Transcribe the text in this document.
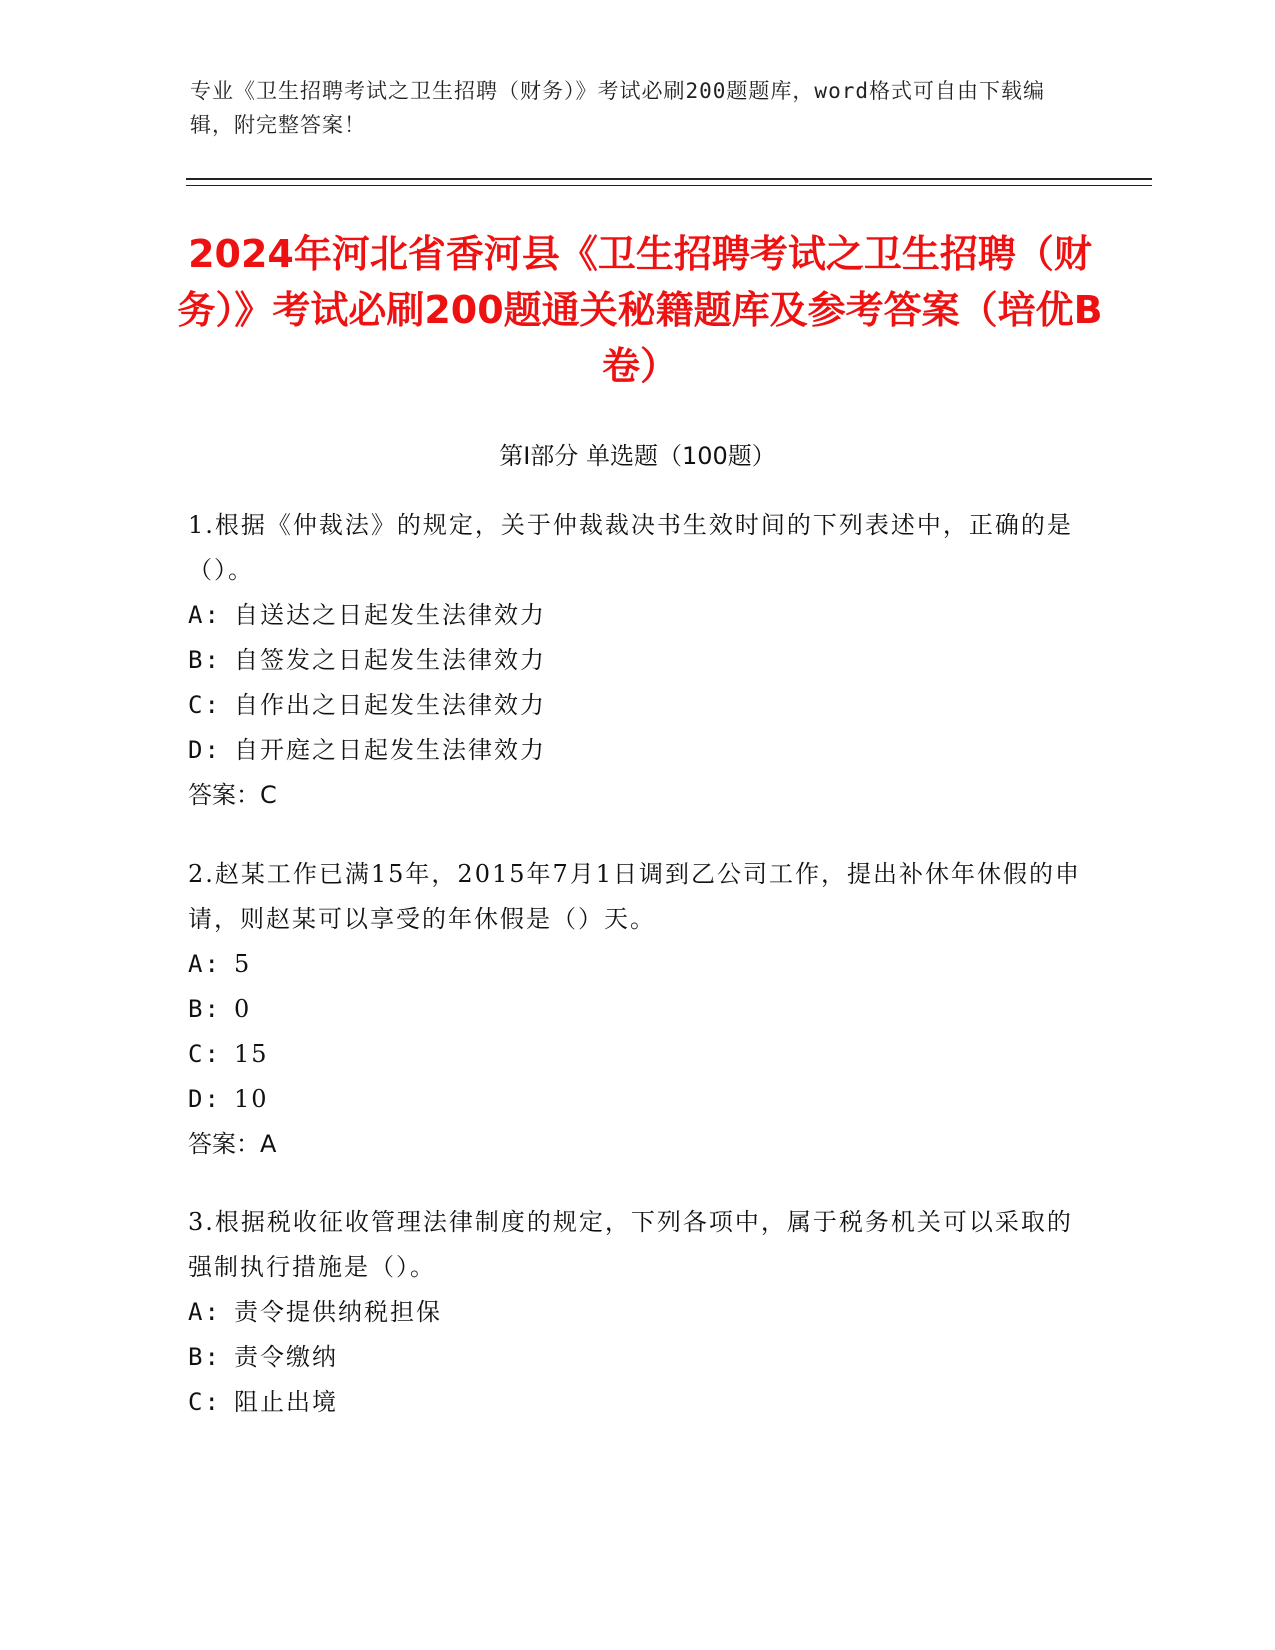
专业《卫生招聘考试之卫生招聘（财务）》考试必刷200题题库，word格式可自由下载编辑，附完整答案！
2024年河北省香河县《卫生招聘考试之卫生招聘（财务）》考试必刷200题通关秘籍题库及参考答案（培优B卷）
第Ⅰ部分 单选题（100题）

1.根据《仲裁法》的规定，关于仲裁裁决书生效时间的下列表述中，正确的是（）。

A: 自送达之日起发生法律效力

B: 自签发之日起发生法律效力

C: 自作出之日起发生法律效力

D: 自开庭之日起发生法律效力

答案：C

2.赵某工作已满15年，2015年7月1日调到乙公司工作，提出补休年休假的申请，则赵某可以享受的年休假是（）天。

A: 5

B: 0

C: 15

D: 10

答案：A

3.根据税收征收管理法律制度的规定，下列各项中，属于税务机关可以采取的强制执行措施是（）。

A: 责令提供纳税担保

B: 责令缴纳

C: 阻止出境
